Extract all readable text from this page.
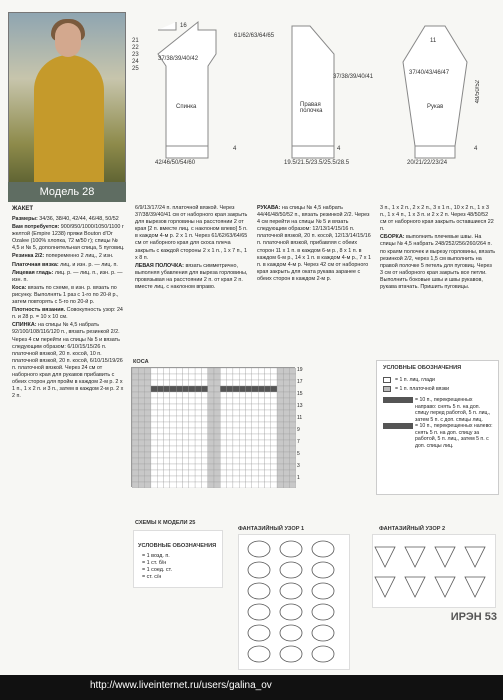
Модель 28
16
61/62/63/64/65
37/38/39/40/42
Спинка
4
42/46/50/54/60
21
22
23
24
25
Правая полочка
37/38/39/40/41
4
19.5/21.5/23.5/25.5/28.5
11
37/40/43/46/47
Рукав
48/50/52
4
20/21/22/23/24
ЖАКЕТ
Размеры: 34/36, 38/40, 42/44, 46/48, 50/52
Вам потребуется: 900/950/1000/1050/1100 г желтой (Empire 1238) пряжи Bouton d'Or Ozalee (100% хлопка, 72 м/50 г); спицы № 4,5 и № 5, дополнительная спица, 5 пуговиц.
Резинка 2/2: попеременно 2 лиц., 2 изн.
Платочная вязка: лиц. и изн. р. — лиц. п.
Лицевая гладь: лиц. р. — лиц. п., изн. р. — изн. п.
Коса: вязать по схеме, в изн. р. вязать по рисунку. Выполнять 1 раз с 1-го по 20-й р., затем повторять с 5-го по 20-й р.
Плотность вязания. Совокупность узор: 24 п. и 28 р. = 10 х 10 см.
СПИНКА: на спицы № 4,5 набрать 92/100/108/116/120 п., вязать резинкой 2/2. Через 4 см перейти на спицы № 5 и вязать следующим образом: 6/10/15/15/26 п. платочной вязкой, 20 п. косой, 10 п. платочной вязкой, 20 п. косой, 6/10/15/19/26 п. платочной вязкой. Через 24 см от наборного края для рукавов прибавить с обеих сторон для пройм в каждом 2-м р. 2 х 1 п., 1 х 2 п. и 3 п., затем в каждом 2-м р. 2 х 2 п.
6/9/13/17/24 п. платочной вязкой. Через 37/38/39/40/41 см от наборного края закрыть для вырезов горловины на расстоянии 2 от края [2 п. вместе лиц. с наклоном влево] 5 п. в каждом 4-м р. 2 х 1 п. Через 61/62/63/64/65 см от наборного края для скоса плеча закрыть с каждой стороны 2 х 1 п., 1 х 7 п., 1 х 8 п.
ЛЕВАЯ ПОЛОЧКА: вязать симметрично, выполняя убавления для выреза горловины, провязывая на расстоянии 2 п. от края 2 п. вместе лиц. с наклоном вправо.
РУКАВА: на спицы № 4,5 набрать 44/46/48/50/52 п., вязать резинкой 2/2. Через 4 см перейти на спицы № 5 и вязать следующим образом: 12/13/14/15/16 п. платочной вязкой, 20 п. косой, 12/13/14/15/16 п. платочной вязкой, прибавляя с обеих сторон 11 х 1 п. в каждом 6-м р., 8 х 1 п. в каждом 6-м р., 14 х 1 п. в каждом 4-м р., 7 х 1 п. в каждом 4-м р. Через 42 см от наборного края закрыть для оката рукава заранее с обеих сторон в каждом 2-м р.
3 п., 1 х 2 п., 2 х 2 п., 3 х 1 п., 10 х 2 п., 1 х 3 п., 1 х 4 п., 1 х 3 п. и 2 х 2 п. Через 48/50/52 см от наборного края закрыть оставшиеся 22 п.
СБОРКА: выполнить плечевые швы. На спицы № 4,5 набрать 248/252/256/260/264 п. по краям полочек и вырезу горловины, вязать резинкой 2/2, через 1,5 см выполнить на правой полочке 5 петель для пуговиц. Через 3 см от наборного края закрыть все петли. Выполнить боковые швы и швы рукавов, рукава втачать. Пришить пуговицы.
КОСА
19
17
15
13
11
9
7
5
3
1
УСЛОВНЫЕ ОБОЗНАЧЕНИЯ
= 1 п. лиц. глади
= 1 п. платочной вязки
= 10 п., перекрещенных направо: снять 5 п. на доп. спицу перед работой, 5 п. лиц., затем 5 п. с доп. спицы лиц.
= 10 п., перекрещенных налево: снять 5 п. на доп. спицу за работой, 5 п. лиц., затем 5 п. с доп. спицы лиц.
СХЕМЫ К МОДЕЛИ 25
УСЛОВНЫЕ ОБОЗНАЧЕНИЯ
= 1 возд. п.
= 1 ст. б/н
= 1 соед. ст.
= ст. с/н
ФАНТАЗИЙНЫЙ УЗОР 1	ФАНТАЗИЙНЫЙ УЗОР 2
ИРЭН 53
http://www.liveinternet.ru/users/galina_ov
